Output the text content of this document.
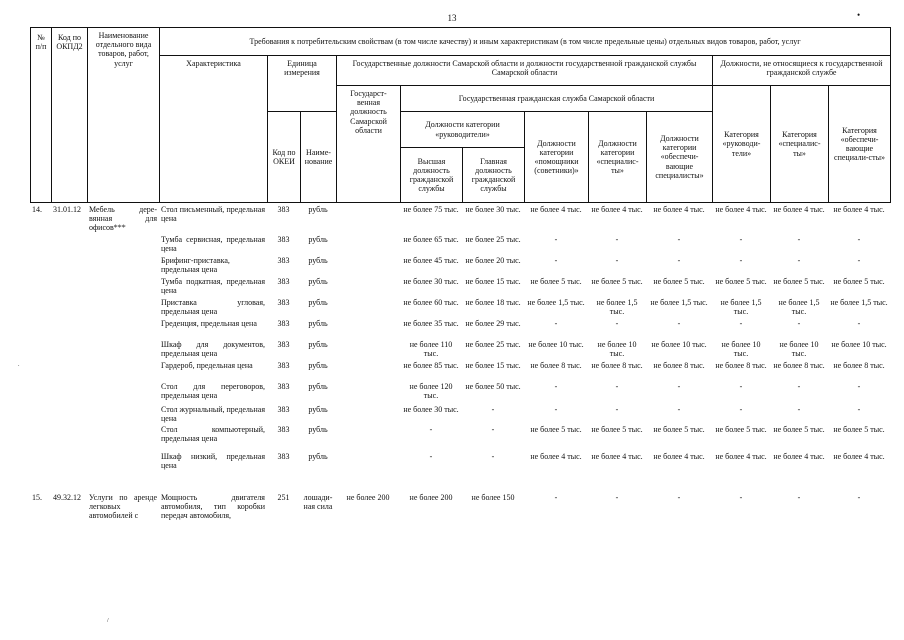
13	•
№ п/п	Код по ОКПД2	Наименование отдельного вида товаров, работ, услуг	Требования к потребительским свойствам (в том числе качеству) и иным характеристикам (в том числе предельные цены) отдельных видов товаров, работ, услуг											
			Характеристика	Единица измерения		Государственные должности Самарской области и должности государственной гражданской службы Самарской области						Должности, не относящиеся к государственной гражданской службе		
						Государст-венная должность Самарской области	Государственная гражданская служба Самарской области					Категория «руководи-тели»	Категория «специалис-ты»	Категория «обеспечи-вающие специали-сты»
				Код по ОКЕИ	Наиме-нование		Должности категории «руководители»		Должности категории «помощники (советники)»	Должности категории «специалис-ты»	Должности категории «обеспечи-вающие специалисты»			
							Высшая должность гражданской службы	Главная должность гражданской службы						
14.	31.01.12	Мебель дере-вянная для офисов***	Стол письменный, предельная цена	383	рубль		не более 75 тыс.	не более 30 тыс.	не более 4 тыс.	не более 4 тыс.	не более 4 тыс.	не более 4 тыс.	не более 4 тыс.	не более 4 тыс.
			Тумба сервисная, предельная цена	383	рубль		не более 65 тыс.	не более 25 тыс.	-	-	-	-	-	-
			Брифинг-приставка, предельная цена	383	рубль		не более 45 тыс.	не более 20 тыс.	-	-	-	-	-	-
			Тумба подкатная, предельная цена	383	рубль		не более 30 тыс.	не более 15 тыс.	не более 5 тыс.	не более 5 тыс.	не более 5 тыс.	не более 5 тыс.	не более 5 тыс.	не более 5 тыс.
			Приставка угловая, предельная цена	383	рубль		не более 60 тыс.	не более 18 тыс.	не более 1,5 тыс.	не более 1,5 тыс.	не более 1,5 тыс.	не более 1,5 тыс.	не более 1,5 тыс.	не более 1,5 тыс.
			Греденция, предельная цена	383	рубль		не более 35 тыс.	не более 29 тыс.	-	-	-	-	-	-
			Шкаф для документов, предельная цена	383	рубль		не более 110 тыс.	не более 25 тыс.	не более 10 тыс.	не более 10 тыс.	не более 10 тыс.	не более 10 тыс.	не более 10 тыс.	не более 10 тыс.
			Гардероб, предельная цена	383	рубль		не более 85 тыс.	не более 15 тыс.	не более 8 тыс.	не более 8 тыс.	не более 8 тыс.	не более 8 тыс.	не более 8 тыс.	не более 8 тыс.
			Стол для переговоров, предельная цена	383	рубль		не более 120 тыс.	не более 50 тыс.	-	-	-	-	-	-
			Стол журнальный, предельная цена	383	рубль		не более 30 тыс.	-	-	-	-	-	-	-
			Стол компьютерный, предельная цена	383	рубль		-	-	не более 5 тыс.	не более 5 тыс.	не более 5 тыс.	не более 5 тыс.	не более 5 тыс.	не более 5 тыс.
			Шкаф низкий, предельная цена	383	рубль		-	-	не более 4 тыс.	не более 4 тыс.	не более 4 тыс.	не более 4 тыс.	не более 4 тыс.	не более 4 тыс.

15.	49.32.12	Услуги по аренде легковых автомобилей с	Мощность двигателя автомобиля, тип коробки передач автомобиля,	251	лошади-ная сила	не более 200	не более 200	не более 150	-	-	-	-	-	-
.
/
